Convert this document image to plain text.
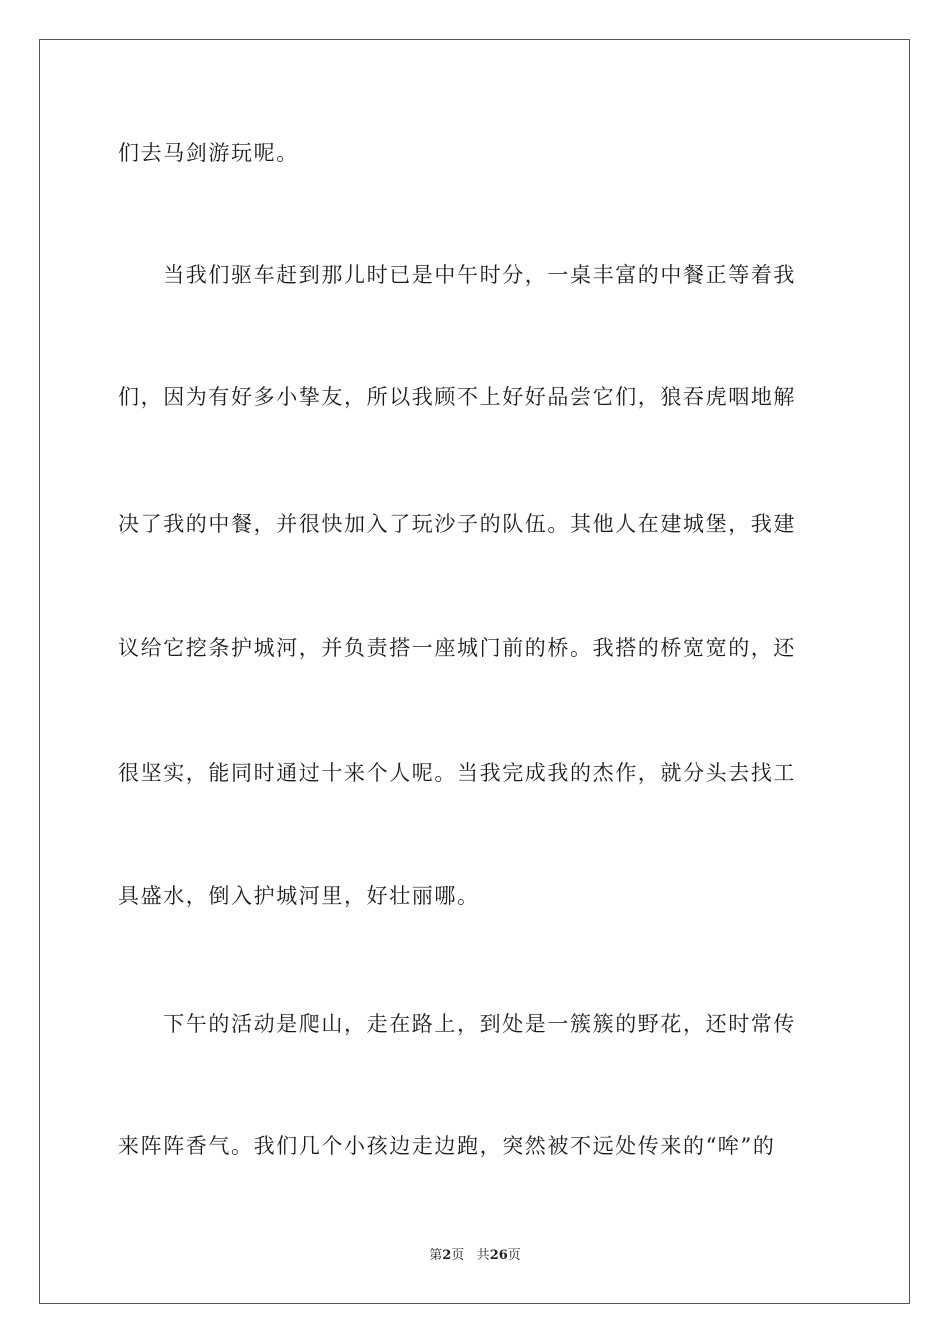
们去马剑游玩呢。
　　当我们驱车赶到那儿时已是中午时分，一桌丰富的中餐正等着我
们，因为有好多小挚友，所以我顾不上好好品尝它们，狼吞虎咽地解
决了我的中餐，并很快加入了玩沙子的队伍。其他人在建城堡，我建
议给它挖条护城河，并负责搭一座城门前的桥。我搭的桥宽宽的，还
很坚实，能同时通过十来个人呢。当我完成我的杰作，就分头去找工
具盛水，倒入护城河里，好壮丽哪。
　　下午的活动是爬山，走在路上，到处是一簇簇的野花，还时常传
来阵阵香气。我们几个小孩边走边跑，突然被不远处传来的“哞”的
第2页 共26页
